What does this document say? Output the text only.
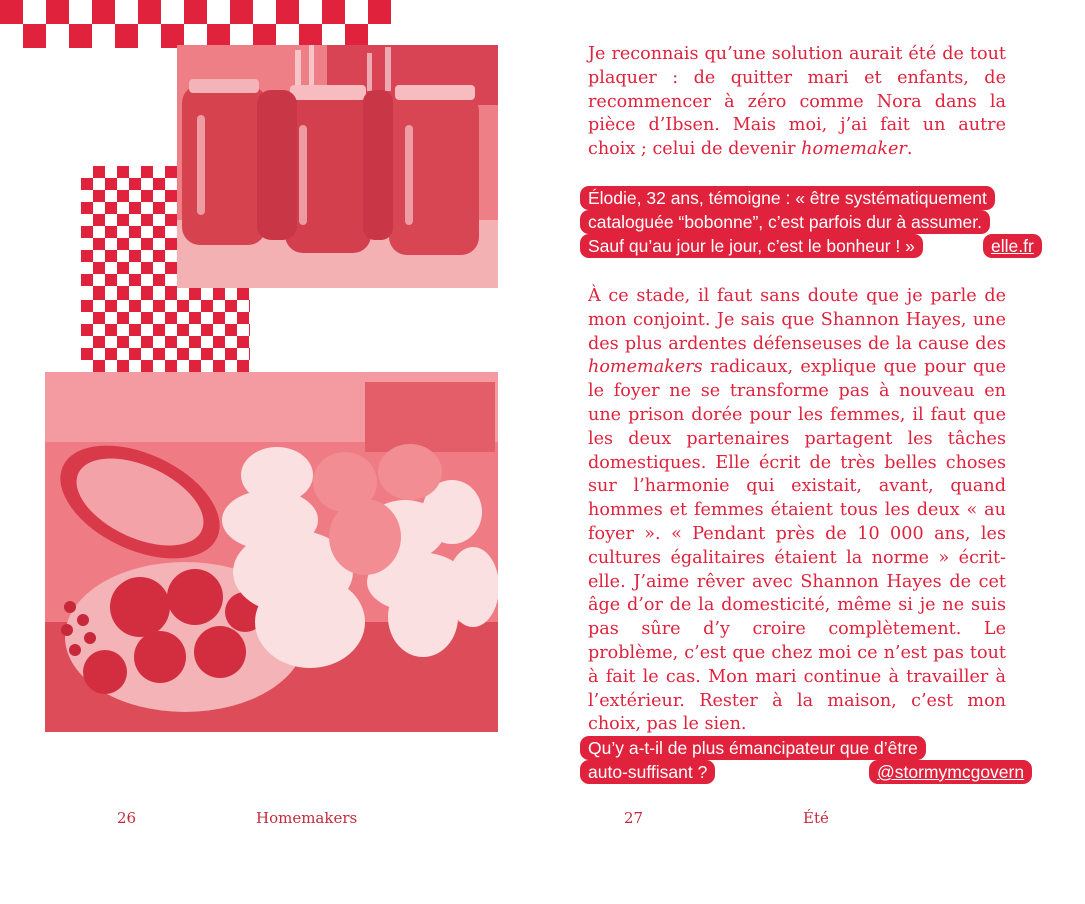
Je reconnais qu’une solution aurait été de tout plaquer : de quitter mari et enfants, de recommencer à zéro comme Nora dans la pièce d’Ibsen. Mais moi, j’ai fait un autre choix ; celui de devenir homemaker.
Élodie, 32 ans, témoigne : « être systématiquement
cataloguée “bobonne”, c’est parfois dur à assumer.
Sauf qu’au jour le jour, c’est le bonheur ! »	elle.fr
À ce stade, il faut sans doute que je parle de mon conjoint. Je sais que Shannon Hayes, une des plus ardentes défenseuses de la cause des homemakers radicaux, explique que pour que le foyer ne se transforme pas à nouveau en une prison dorée pour les femmes, il faut que les deux partenaires partagent les tâches domestiques. Elle écrit de très belles choses sur l’harmonie qui existait, avant, quand hommes et femmes étaient tous les deux « au foyer ». « Pendant près de 10 000 ans, les cultures égalitaires étaient la norme » écrit-elle. J’aime rêver avec Shannon Hayes de cet âge d’or de la domesticité, même si je ne suis pas sûre d’y croire complètement. Le problème, c’est que chez moi ce n’est pas tout à fait le cas. Mon mari continue à travailler à l’extérieur. Rester à la maison, c’est mon choix, pas le sien.
Qu’y a-t-il de plus émancipateur que d’être
auto-suffisant ?	@stormymcgovern
26	Homemakers	27	Été
